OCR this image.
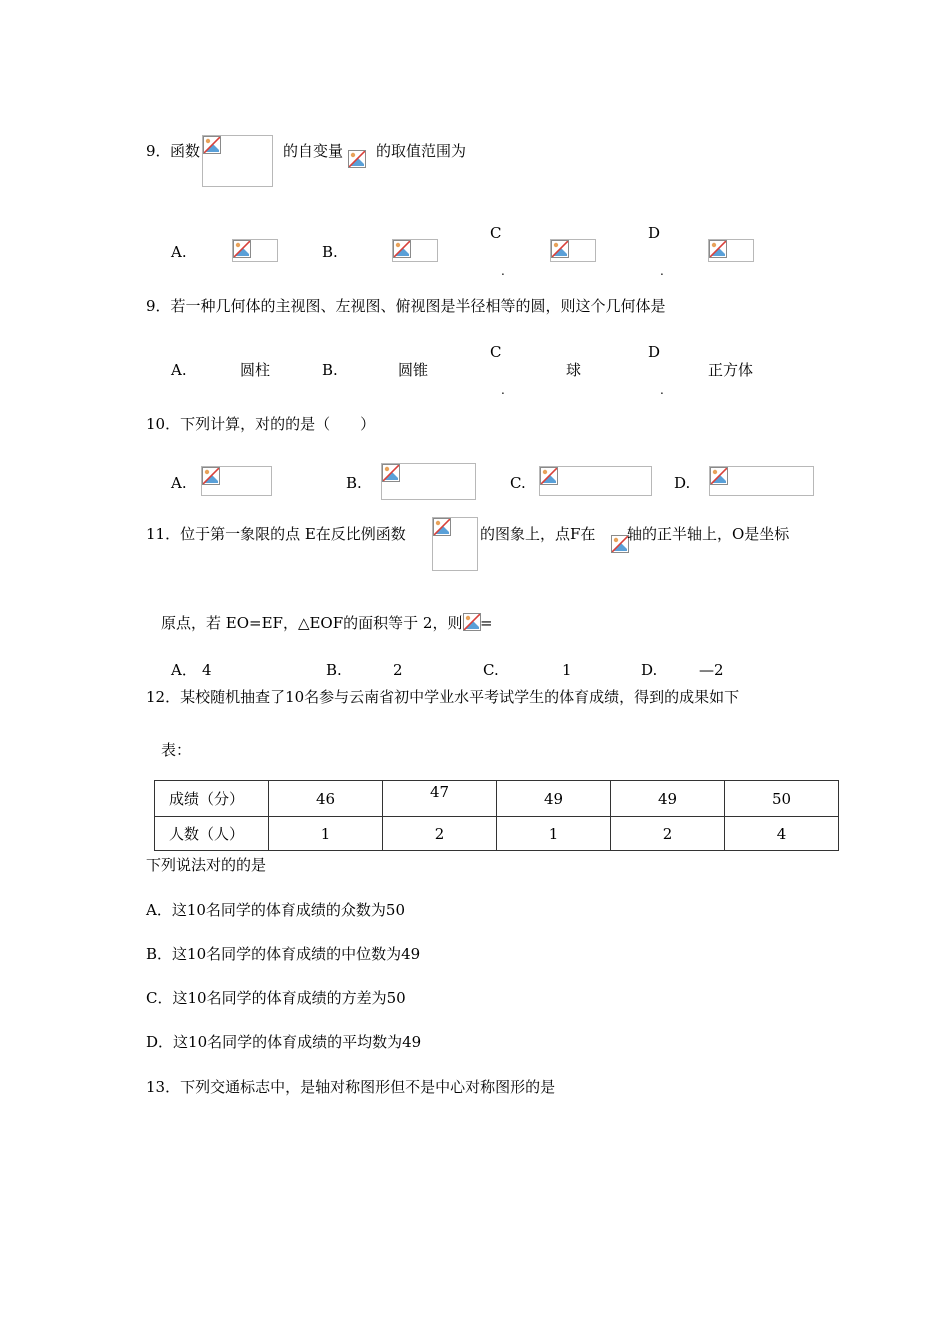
9． 函数	的自变量 的取值范围为
A.	B.
C
.
D
.
9．若一种几何体的主视图、左视图、俯视图是半径相等的圆，则这个几何体是
A.	圆柱	B.	圆锥
C
.
球
D
.
正方体
10．下列计算，对的的是（　　）
A.	B.	C.	D.
11．位于第一象限的点 E在反比例函数	的图象上，点F在 轴的正半轴上，O是坐标
原点，若 EO=EF，△EOF的面积等于 2，则 =
A． 4	B.	2	C.	1	D.	—2
12．某校随机抽查了10名参与云南省初中学业水平考试学生的体育成绩，得到的成果如下
表：
成绩（分）	46	47	49	49	50
人数（人）	1	2	1	2	4
下列说法对的的是
A．这10名同学的体育成绩的众数为50
B．这10名同学的体育成绩的中位数为49
C．这10名同学的体育成绩的方差为50
D．这10名同学的体育成绩的平均数为49
13．下列交通标志中，是轴对称图形但不是中心对称图形的是
